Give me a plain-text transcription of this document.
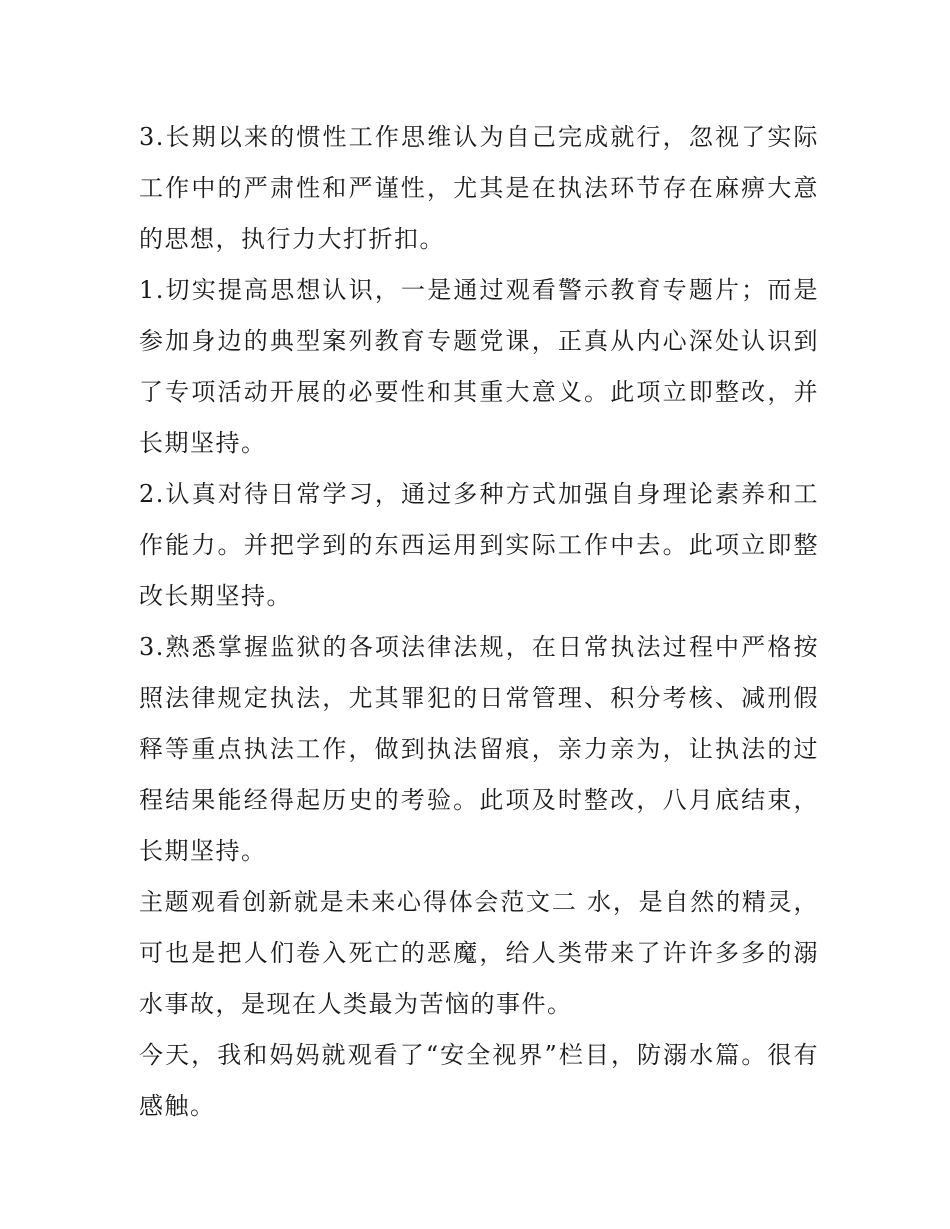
3.长期以来的惯性工作思维认为自己完成就行，忽视了实际工作中的严肃性和严谨性，尤其是在执法环节存在麻痹大意的思想，执行力大打折扣。

1.切实提高思想认识，一是通过观看警示教育专题片；而是参加身边的典型案列教育专题党课，正真从内心深处认识到了专项活动开展的必要性和其重大意义。此项立即整改，并长期坚持。

2.认真对待日常学习，通过多种方式加强自身理论素养和工作能力。并把学到的东西运用到实际工作中去。此项立即整改长期坚持。

3.熟悉掌握监狱的各项法律法规，在日常执法过程中严格按照法律规定执法，尤其罪犯的日常管理、积分考核、减刑假释等重点执法工作，做到执法留痕，亲力亲为，让执法的过程结果能经得起历史的考验。此项及时整改，八月底结束，长期坚持。

主题观看创新就是未来心得体会范文二 水，是自然的精灵，可也是把人们卷入死亡的恶魔，给人类带来了许许多多的溺水事故，是现在人类最为苦恼的事件。

今天，我和妈妈就观看了“安全视界”栏目，防溺水篇。很有感触。
